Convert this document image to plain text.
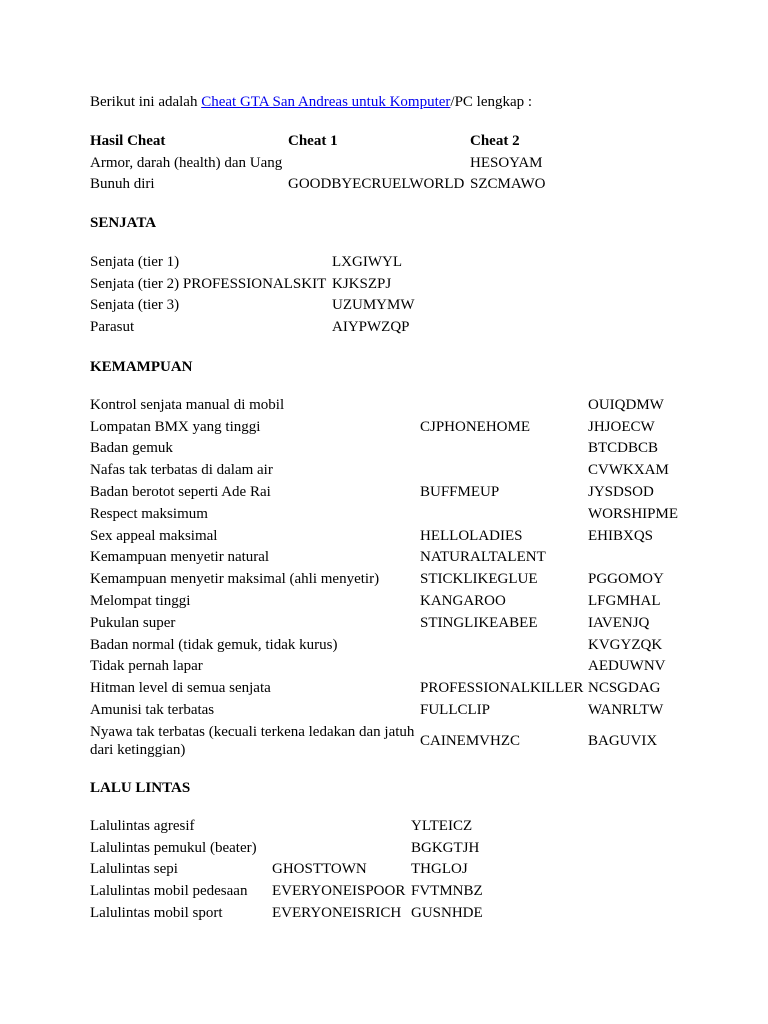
Berikut ini adalah Cheat GTA San Andreas untuk Komputer/PC lengkap :
Hasil Cheat	Cheat 1	Cheat 2
Armor, darah (health) dan Uang		HESOYAM
Bunuh diri	GOODBYECRUELWORLD	SZCMAWO
SENJATA
Senjata (tier 1)	LXGIWYL
Senjata (tier 2) PROFESSIONALSKIT	KJKSZPJ
Senjata (tier 3)	UZUMYMW
Parasut	AIYPWZQP
KEMAMPUAN
Kontrol senjata manual di mobil		OUIQDMW
Lompatan BMX yang tinggi	CJPHONEHOME	JHJOECW
Badan gemuk		BTCDBCB
Nafas tak terbatas di dalam air		CVWKXAM
Badan berotot seperti Ade Rai	BUFFMEUP	JYSDSOD
Respect maksimum		WORSHIPME
Sex appeal maksimal	HELLOLADIES	EHIBXQS
Kemampuan menyetir natural	NATURALTALENT	
Kemampuan menyetir maksimal (ahli menyetir)	STICKLIKEGLUE	PGGOMOY
Melompat tinggi	KANGAROO	LFGMHAL
Pukulan super	STINGLIKEABEE	IAVENJQ
Badan normal (tidak gemuk, tidak kurus)		KVGYZQK
Tidak pernah lapar		AEDUWNV
Hitman level di semua senjata	PROFESSIONALKILLER	NCSGDAG
Amunisi tak terbatas	FULLCLIP	WANRLTW
Nyawa tak terbatas (kecuali terkena ledakan dan jatuh dari ketinggian)	CAINEMVHZC	BAGUVIX
LALU LINTAS
Lalulintas agresif		YLTEICZ
Lalulintas pemukul (beater)		BGKGTJH
Lalulintas sepi	GHOSTTOWN	THGLOJ
Lalulintas mobil pedesaan	EVERYONEISPOOR	FVTMNBZ
Lalulintas mobil sport	EVERYONEISRICH	GUSNHDE
